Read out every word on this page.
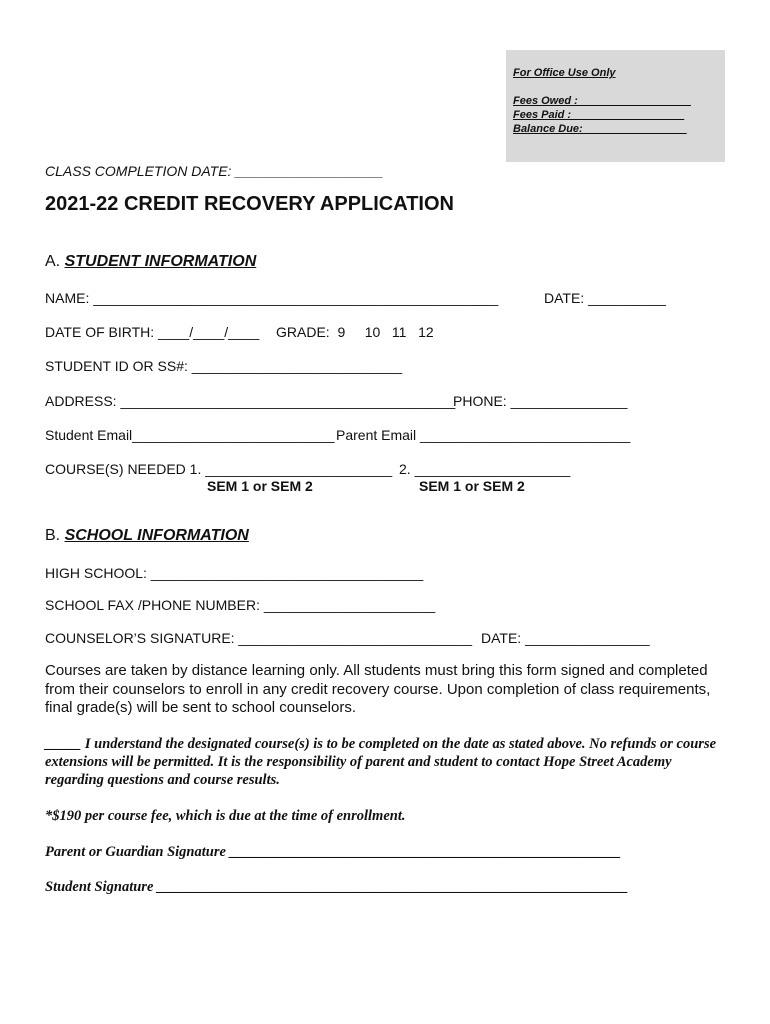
For Office Use Only
Fees Owed : __________________
Fees Paid : __________________
Balance Due:_________________
CLASS COMPLETION DATE: ___________________
2021-22 CREDIT RECOVERY APPLICATION
A. STUDENT INFORMATION
NAME: ____________________________________________________	DATE: __________
DATE OF BIRTH: ____/____/____ GRADE:  9     10   11   12
STUDENT ID OR SS#: ___________________________
ADDRESS: ___________________________________________
PHONE: _______________
Student Email__________________________ Parent Email ___________________________
COURSE(S) NEEDED 1. ________________________ 2. ____________________
SEM 1 or SEM 2	SEM 1 or SEM 2
B. SCHOOL INFORMATION
HIGH SCHOOL: ___________________________________
SCHOOL FAX /PHONE NUMBER: ______________________
COUNSELOR’S SIGNATURE: ______________________________ DATE: ________________
Courses are taken by distance learning only. All students must bring this form signed and completed from their counselors to enroll in any credit recovery course. Upon completion of class requirements, final grade(s) will be sent to school counselors.
_____ I understand the designated course(s) is to be completed on the date as stated above. No refunds or course extensions will be permitted. It is the responsibility of parent and student to contact Hope Street Academy regarding questions and course results.
*$190 per course fee, which is due at the time of enrollment.
Parent or Guardian Signature ______________________________________________________
Student Signature _________________________________________________________________
